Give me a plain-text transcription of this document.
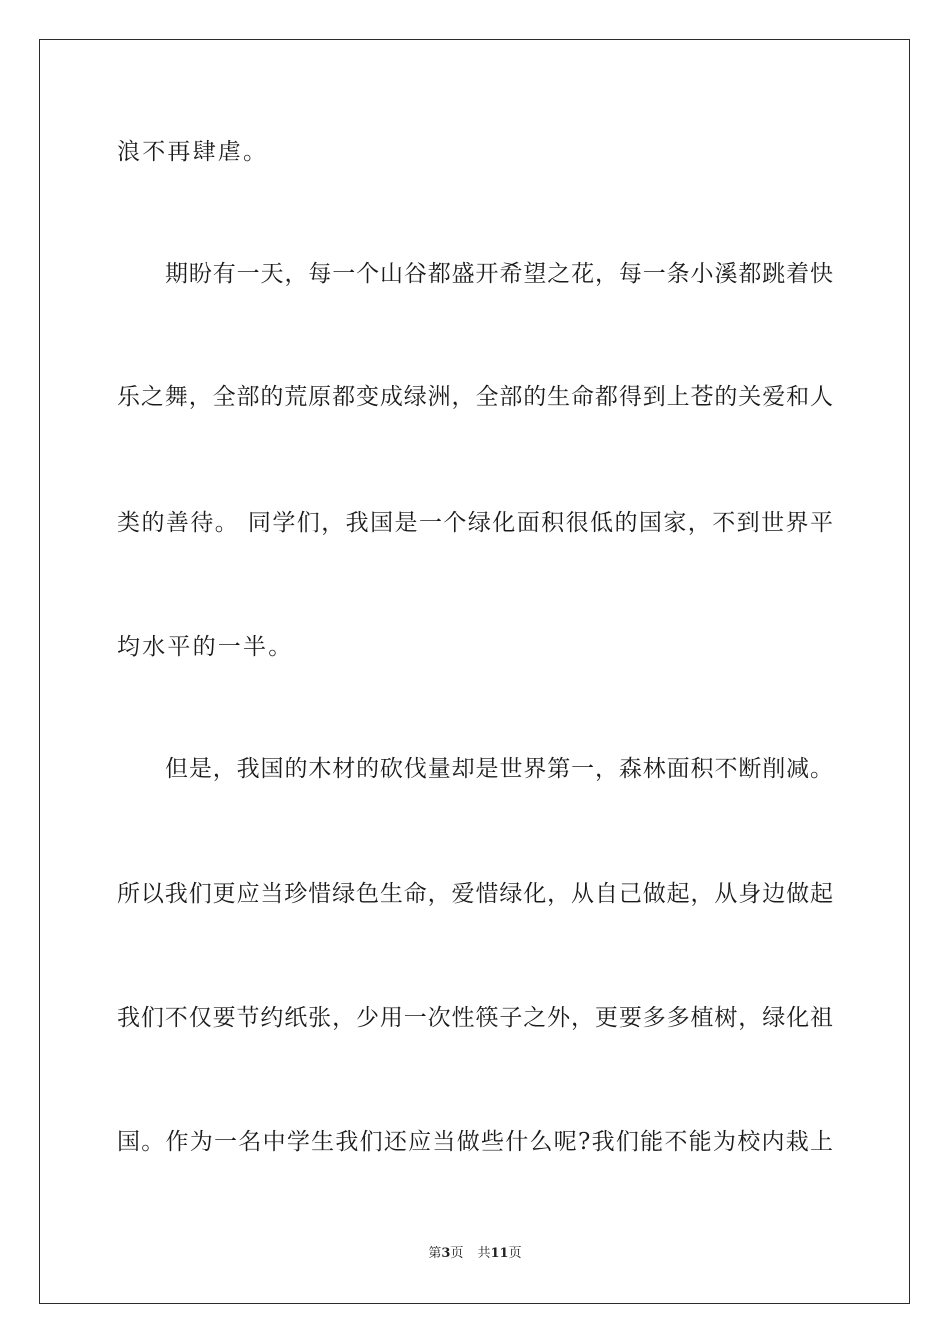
浪不再肆虐。
期盼有一天，每一个山谷都盛开希望之花，每一条小溪都跳着快
乐之舞，全部的荒原都变成绿洲，全部的生命都得到上苍的关爱和人
类的善待。 同学们，我国是一个绿化面积很低的国家，不到世界平
均水平的一半。
但是，我国的木材的砍伐量却是世界第一，森林面积不断削减。
所以我们更应当珍惜绿色生命，爱惜绿化，从自己做起，从身边做起
我们不仅要节约纸张，少用一次性筷子之外，更要多多植树，绿化祖
国。作为一名中学生我们还应当做些什么呢?我们能不能为校内栽上
第3页 共11页
